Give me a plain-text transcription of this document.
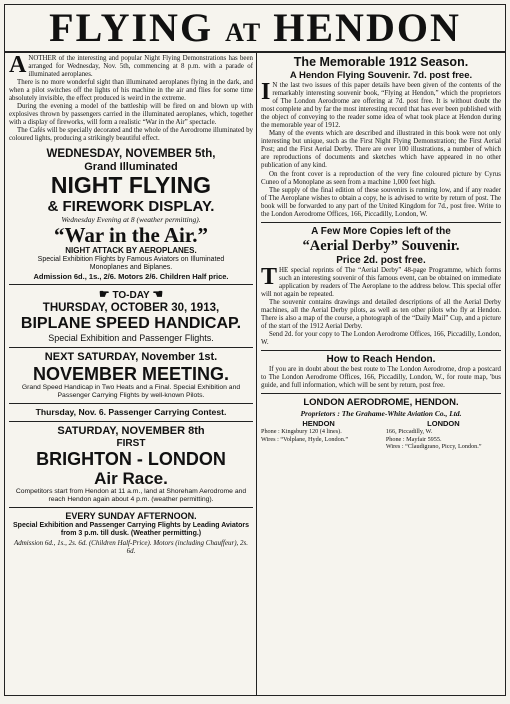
FLYING AT HENDON

ANOTHER of the interesting and popular Night Flying Demonstrations has been arranged for Wednesday, Nov. 5th, commencing at 8 p.m. with a parade of illuminated aeroplanes.

There is no more wonderful sight than illuminated aeroplanes flying in the dark, and when a pilot switches off the lights of his machine in the air and flies for some time absolutely invisible, the effect produced is weird in the extreme.

During the evening a model of the battleship will be fired on and blown up with explosives thrown by passengers carried in the illuminated aeroplanes, which, together with a display of fireworks, will form a realistic “War in the Air” spectacle.

The Cafés will be specially decorated and the whole of the Aerodrome illuminated by coloured lights, producing a strikingly beautiful effect.

WEDNESDAY, NOVEMBER 5th,

Grand Illuminated

NIGHT FLYING

& FIREWORK DISPLAY.

Wednesday Evening at 8 (weather permitting).

“War in the Air.”

NIGHT ATTACK BY AEROPLANES.

Special Exhibition Flights by Famous Aviators on Illuminated Monoplanes and Biplanes.

Admission 6d., 1s., 2/6. Motors 2/6. Children Half price.

☛ TO-DAY ☚

THURSDAY, OCTOBER 30, 1913,

BIPLANE SPEED HANDICAP.

Special Exhibition and Passenger Flights.

NEXT SATURDAY, November 1st.

NOVEMBER MEETING.

Grand Speed Handicap in Two Heats and a Final. Special Exhibition and Passenger Carrying Flights by well-known Pilots.

Thursday, Nov. 6. Passenger Carrying Contest.

SATURDAY, NOVEMBER 8th

FIRST

BRIGHTON - LONDON

Air Race.

Competitors start from Hendon at 11 a.m., land at Shoreham Aerodrome and reach Hendon again about 4 p.m. (weather permitting).

EVERY SUNDAY AFTERNOON.

Special Exhibition and Passenger Carrying Flights by Leading Aviators from 3 p.m. till dusk. (Weather permitting.)

Admission 6d., 1s., 2s. 6d. (Children Half-Price). Motors (including Chauffeur), 2s. 6d.

The Memorable 1912 Season.

A Hendon Flying Souvenir. 7d. post free.

I N the last two issues of this paper details have been given of the contents of the remarkably interesting souvenir book, “Flying at Hendon,” which the proprietors of The London Aerodrome are offering at 7d. post free. It is without doubt the most complete and by far the most interesting record that has ever been published with the object of conveying to the reader some idea of what took place at Hendon during the memorable year of 1912.

Many of the events which are described and illustrated in this book were not only interesting but unique, such as the First Night Flying Demonstration; the First Aerial Post; and the First Aerial Derby. There are over 100 illustrations, a number of which are reproductions of documents and sketches which have appeared in no other publication of any kind.

On the front cover is a reproduction of the very fine coloured picture by Cyrus Cuneo of a Monoplane as seen from a machine 1,000 feet high.

The supply of the final edition of these souvenirs is running low, and if any reader of The Aeroplane wishes to obtain a copy, he is advised to write by return of post. The book will be forwarded to any part of the United Kingdom for 7d., post free. Write to the London Aerodrome Offices, 166, Piccadilly, London, W.

A Few More Copies left of the

“Aerial Derby” Souvenir.

Price 2d. post free.

THE special reprints of The “Aerial Derby” 48-page Programme, which forms such an interesting souvenir of this famous event, can be obtained on immediate application by readers of The Aeroplane to the address below. This special offer will not again be repeated.

The souvenir contains drawings and detailed descriptions of all the Aerial Derby machines, all the Aerial Derby pilots, as well as ten other pilots who fly at Hendon. There is also a map of the course, a photograph of the “Daily Mail” Cup, and a picture of the start of the 1912 Aerial Derby.

Send 2d. for your copy to The London Aerodrome Offices, 166, Piccadilly, London, W.

How to Reach Hendon.

If you are in doubt about the best route to The London Aerodrome, drop a postcard to The London Aerodrome Offices, 166, Piccadilly, London, W., for route map, 'bus guide, and full information, which will be sent by return, post free.

LONDON AERODROME, HENDON.

Proprietors : The Grahame-White Aviation Co., Ltd.

HENDON

Phone : Kingsbury 120 (4 lines).

Wires : “Volplane, Hyde, London.”

LONDON

166, Piccadilly, W.

Phone : Mayfair 5955.

Wires : “Claudigrano, Piccy, London.”
